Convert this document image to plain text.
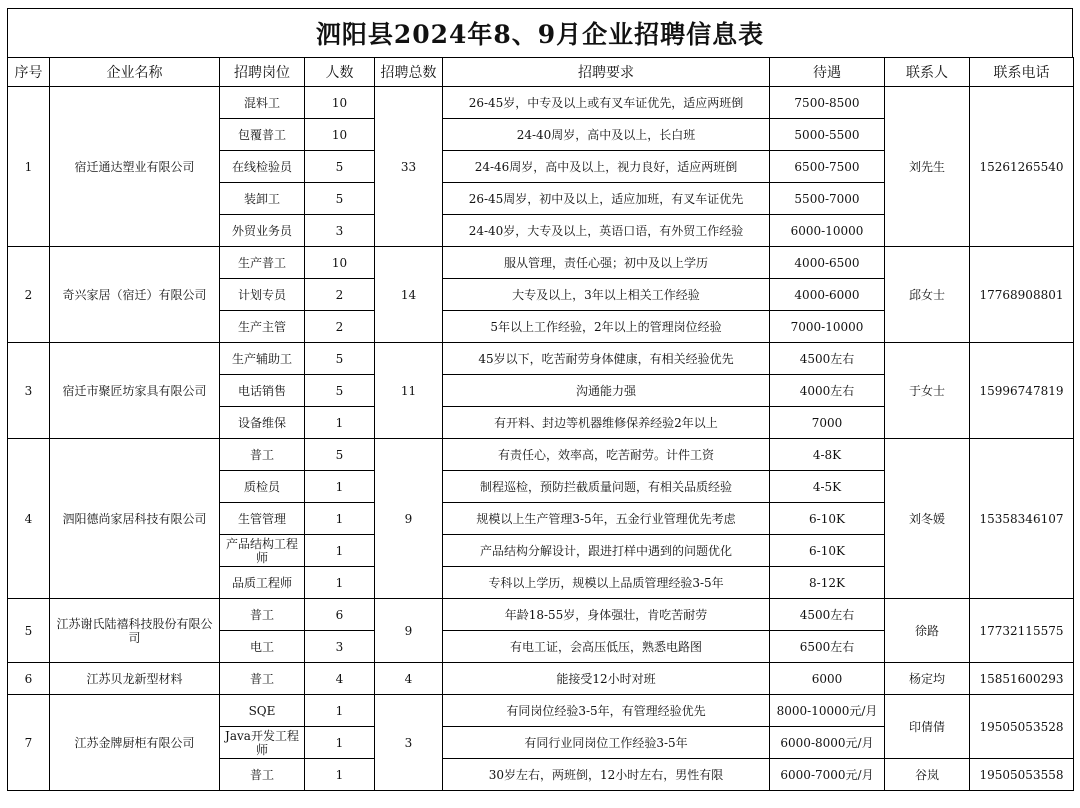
泗阳县2024年8、9月企业招聘信息表
序号	企业名称	招聘岗位	人数	招聘总数	招聘要求	待遇	联系人	联系电话
1	宿迁通达塑业有限公司	混料工	10	33	26-45岁，中专及以上或有叉车证优先，适应两班倒	7500-8500	刘先生	15261265540
		包覆普工	10		24-40周岁，高中及以上，长白班	5000-5500		
		在线检验员	5		24-46周岁，高中及以上，视力良好，适应两班倒	6500-7500		
		装卸工	5		26-45周岁，初中及以上，适应加班，有叉车证优先	5500-7000		
		外贸业务员	3		24-40岁，大专及以上，英语口语，有外贸工作经验	6000-10000		
2	奇兴家居（宿迁）有限公司	生产普工	10	14	服从管理，责任心强；初中及以上学历	4000-6500	邱女士	17768908801
		计划专员	2		大专及以上，3年以上相关工作经验	4000-6000		
		生产主管	2		5年以上工作经验，2年以上的管理岗位经验	7000-10000		
3	宿迁市聚匠坊家具有限公司	生产辅助工	5	11	45岁以下，吃苦耐劳身体健康，有相关经验优先	4500左右	于女士	15996747819
		电话销售	5		沟通能力强	4000左右		
		设备维保	1		有开料、封边等机器维修保养经验2年以上	7000		
4	泗阳德尚家居科技有限公司	普工	5	9	有责任心，效率高，吃苦耐劳。计件工资	4-8K	刘冬媛	15358346107
		质检员	1		制程巡检，预防拦截质量问题，有相关品质经验	4-5K		
		生管管理	1		规模以上生产管理3-5年，五金行业管理优先考虑	6-10K		
		产品结构工程师	1		产品结构分解设计，跟进打样中遇到的问题优化	6-10K		
		品质工程师	1		专科以上学历，规模以上品质管理经验3-5年	8-12K		
5	江苏谢氏陆禧科技股份有限公司	普工	6	9	年龄18-55岁，身体强壮，肯吃苦耐劳	4500左右	徐路	17732115575
		电工	3		有电工证，会高压低压，熟悉电路图	6500左右		
6	江苏贝龙新型材料	普工	4	4	能接受12小时对班	6000	杨定均	15851600293
7	江苏金牌厨柜有限公司	SQE	1	3	有同岗位经验3-5年，有管理经验优先	8000-10000元/月	印倩倩	19505053528
		Java开发工程师	1		有同行业同岗位工作经验3-5年	6000-8000元/月		
		普工	1		30岁左右，两班倒，12小时左右，男性有限	6000-7000元/月	谷岚	19505053558
